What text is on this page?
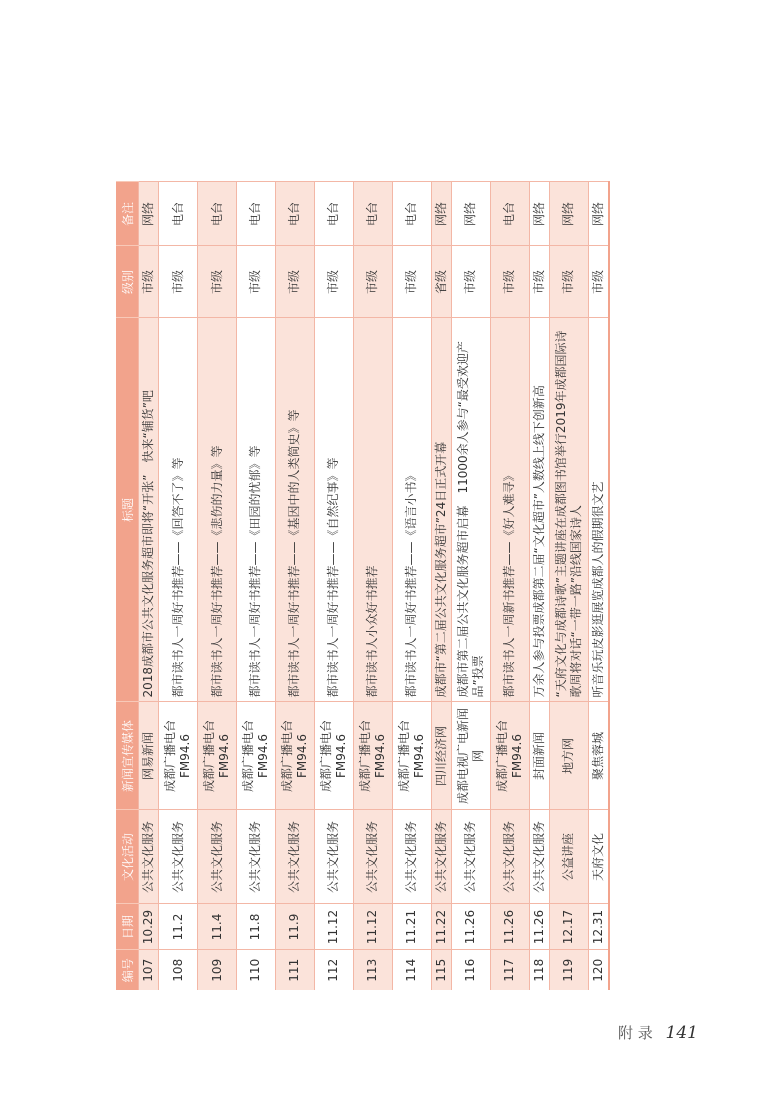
编号	日期	文化活动	新闻宣传媒体	标题	级别	备注
107	10.29	公共文化服务	网易新闻	2018成都市公共文化服务超市即将“开张”　快来“铺货”吧	市级	网络
108	11.2	公共文化服务	成都广播电台FM94.6	都市读书人一周好书推荐——《回答不了》等	市级	电台
109	11.4	公共文化服务	成都广播电台FM94.6	都市读书人一周好书推荐——《悲伤的力量》等	市级	电台
110	11.8	公共文化服务	成都广播电台FM94.6	都市读书人一周好书推荐——《田园的忧郁》等	市级	电台
111	11.9	公共文化服务	成都广播电台FM94.6	都市读书人一周好书推荐——《基因中的人类简史》等	市级	电台
112	11.12	公共文化服务	成都广播电台FM94.6	都市读书人一周好书推荐——《自然纪事》等	市级	电台
113	11.12	公共文化服务	成都广播电台FM94.6	都市读书人小众好书推荐	市级	电台
114	11.21	公共文化服务	成都广播电台FM94.6	都市读书人一周好书推荐——《语言小书》	市级	电台
115	11.22	公共文化服务	四川经济网	成都市“第二届公共文化服务超市”24日正式开幕	省级	网络
116	11.26	公共文化服务	成都电视广电新闻网	成都市第二届公共文化服务超市启幕　11000余人参与“最受欢迎产品”投票	市级	网络
117	11.26	公共文化服务	成都广播电台FM94.6	都市读书人一周新书推荐——《好人难寻》	市级	电台
118	11.26	公共文化服务	封面新闻	万余人参与投票成都第二届“文化超市”人数线上线下创新高	市级	网络
119	12.17	公益讲座	地方网	“天府文化与成都诗歌”主题讲座在成都图书馆举行2019年成都国际诗歌周将对话“一带一路”沿线国家诗人	市级	网络
120	12.31	天府文化	聚焦蓉城	听音乐玩皮影逛展览成都人的假期很文艺	市级	网络
附 录 141
